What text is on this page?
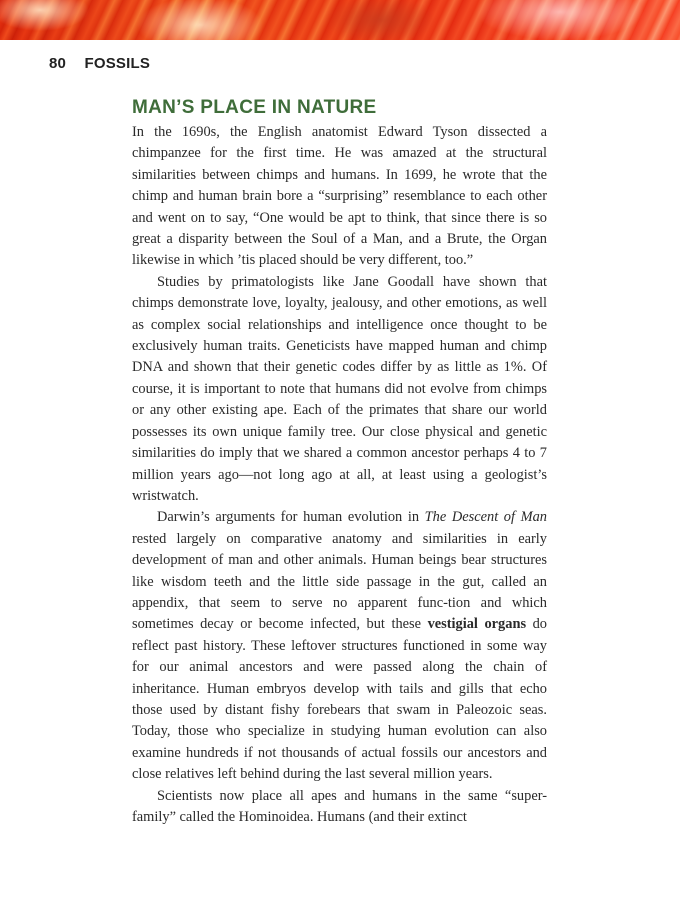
80 FOSSILS
MAN’S PLACE IN NATURE

In the 1690s, the English anatomist Edward Tyson dissected a chimpanzee for the first time. He was amazed at the structural similarities between chimps and humans. In 1699, he wrote that the chimp and human brain bore a “surprising” resemblance to each other and went on to say, “One would be apt to think, that since there is so great a disparity between the Soul of a Man, and a Brute, the Organ likewise in which ’tis placed should be very different, too.”

Studies by primatologists like Jane Goodall have shown that chimps demonstrate love, loyalty, jealousy, and other emotions, as well as complex social relationships and intelligence once thought to be exclusively human traits. Geneticists have mapped human and chimp DNA and shown that their genetic codes differ by as little as 1%. Of course, it is important to note that humans did not evolve from chimps or any other existing ape. Each of the primates that share our world possesses its own unique family tree. Our close physical and genetic similarities do imply that we shared a common ancestor perhaps 4 to 7 million years ago—not long ago at all, at least using a geologist’s wristwatch.

Darwin’s arguments for human evolution in The Descent of Man rested largely on comparative anatomy and similarities in early development of man and other animals. Human beings bear structures like wisdom teeth and the little side passage in the gut, called an appendix, that seem to serve no apparent func-tion and which sometimes decay or become infected, but these vestigial organs do reflect past history. These leftover structures functioned in some way for our animal ancestors and were passed along the chain of inheritance. Human embryos develop with tails and gills that echo those used by distant fishy forebears that swam in Paleozoic seas. Today, those who specialize in studying human evolution can also examine hundreds if not thousands of actual fossils our ancestors and close relatives left behind during the last several million years.

Scientists now place all apes and humans in the same “super-family” called the Hominoidea. Humans (and their extinct
